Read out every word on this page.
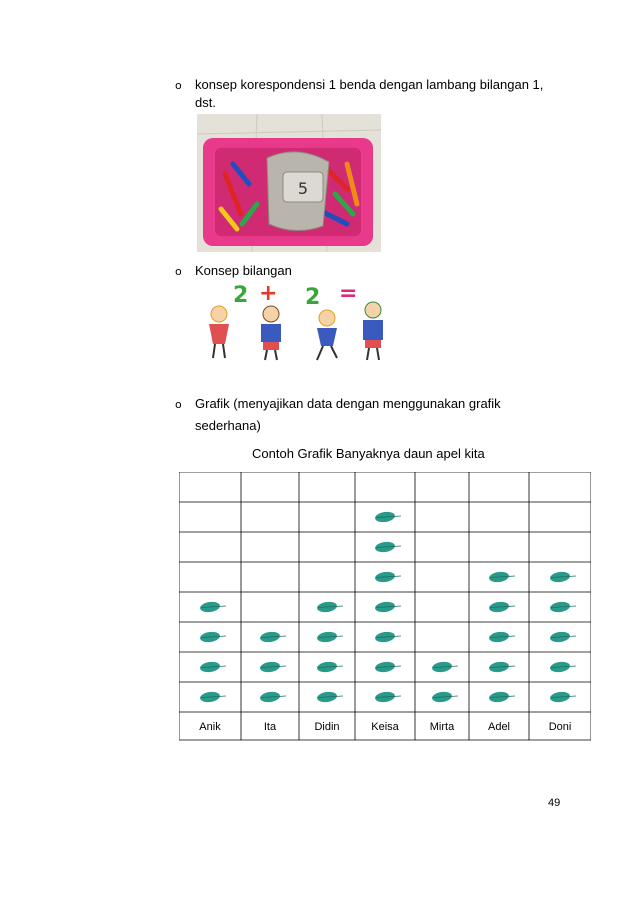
o konsep korespondensi 1 benda dengan lambang bilangan 1,
dst.
5
o Konsep bilangan
2 + 2 =
o Grafik (menyajikan data dengan menggunakan grafik
sederhana)
Contoh Grafik Banyaknya daun apel kita
Anik	Ita	Didin	Keisa	Mirta	Adel	Doni
49
